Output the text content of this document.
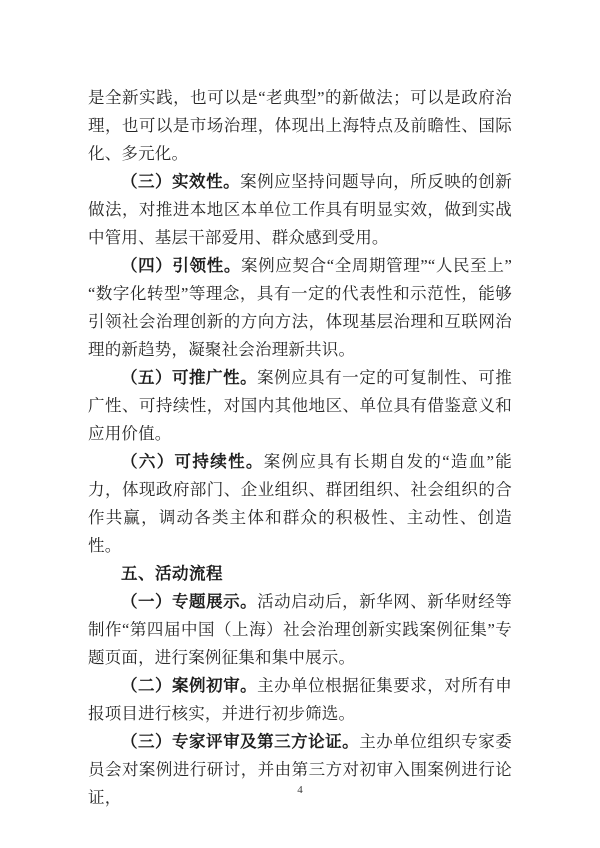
是全新实践，也可以是“老典型”的新做法；可以是政府治理，也可以是市场治理，体现出上海特点及前瞻性、国际化、多元化。

（三）实效性。案例应坚持问题导向，所反映的创新做法，对推进本地区本单位工作具有明显实效，做到实战中管用、基层干部爱用、群众感到受用。

（四）引领性。案例应契合“全周期管理”“人民至上”“数字化转型”等理念，具有一定的代表性和示范性，能够引领社会治理创新的方向方法，体现基层治理和互联网治理的新趋势，凝聚社会治理新共识。

（五）可推广性。案例应具有一定的可复制性、可推广性、可持续性，对国内其他地区、单位具有借鉴意义和应用价值。

（六）可持续性。案例应具有长期自发的“造血”能力，体现政府部门、企业组织、群团组织、社会组织的合作共赢，调动各类主体和群众的积极性、主动性、创造性。

五、活动流程

（一）专题展示。活动启动后，新华网、新华财经等制作“第四届中国（上海）社会治理创新实践案例征集”专题页面，进行案例征集和集中展示。

（二）案例初审。主办单位根据征集要求，对所有申报项目进行核实，并进行初步筛选。

（三）专家评审及第三方论证。主办单位组织专家委员会对案例进行研讨，并由第三方对初审入围案例进行论证，	4
